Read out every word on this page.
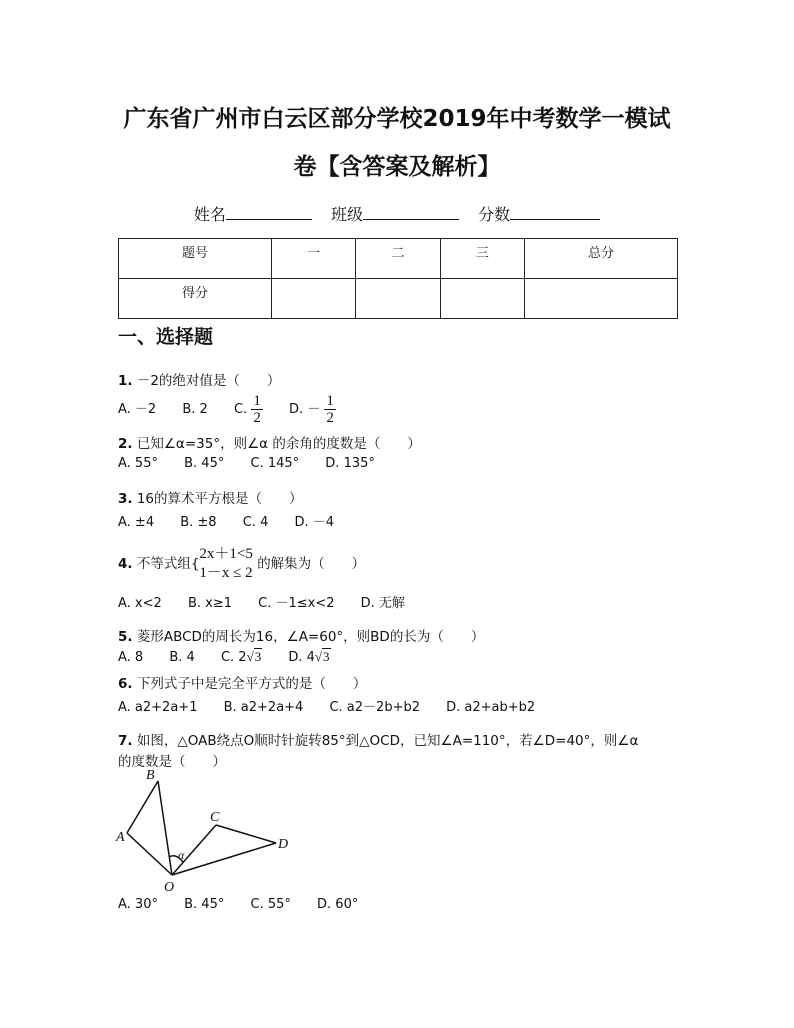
广东省广州市白云区部分学校2019年中考数学一模试
卷【含答案及解析】
姓名	班级	分数
题号	一	二	三	总分
得分				
一、选择题
1. －2的绝对值是（　　）
A. －2 B. 2 C. $\frac{1}{2} D$. － $\frac{1}{2}$
2. 已知∠α=35°，则∠α 的余角的度数是（　　）
A. 55° B. 45° C. 145° D. 135°
3. 16的算术平方根是（　　）
A. ±4 B. ±8 C. 4 D. －4
4. 不等式组{
2x＋1<5
1－x ≤ 2
的解集为（　　）
A. x<2 B. x≥1 C. －1≤x<2 D. 无解
5. 菱形ABCD的周长为16，∠A=60°，则BD的长为（　　）
A. 8 B. 4 C. 2√3 D. 4√3
6. 下列式子中是完全平方式的是（　　）
A. a2+2a+1 B. a2+2a+4 C. a2－2b+b2 D. a2+ab+b2
7. 如图，△OAB绕点O顺时针旋转85°到△OCD，已知∠A=110°，若∠D=40°，则∠α
的度数是（　　）
B
A
C
D
O
α
A. 30° B. 45° C. 55° D. 60°
